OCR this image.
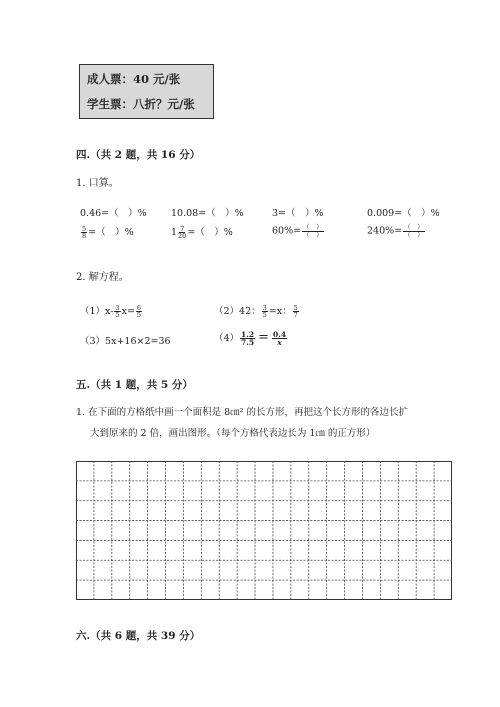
成人票：40 元/张
学生票：八折？元/张
四.（共 2 题，共 16 分）
1. 口算。
0.46=（　）%	10.08=（　）%	3=（　）%	0.009=（　）%
$\frac{5}{8}$ =（　）%	$1 \frac{7}{20}$ =（　）%	$60\%= \frac{( )}{( )}$	$240\%= \frac{( )}{( )}$
2. 解方程。
$(1)x- \frac{3}{5} x= \frac{6}{5}$	（2）42： $\frac{3}{5} =x$： $\frac{5}{7}$
（3）5x+16×2=36	$(4) \frac{1.2}{7.5} = \frac{0.4}{x}$
五.（共 1 题，共 5 分）
1. 在下面的方格纸中画一个面积是 8㎝² 的长方形，再把这个长方形的各边长扩
大到原来的 2 倍，画出图形。（每个方格代表边长为 1㎝ 的正方形）
六.（共 6 题，共 39 分）
